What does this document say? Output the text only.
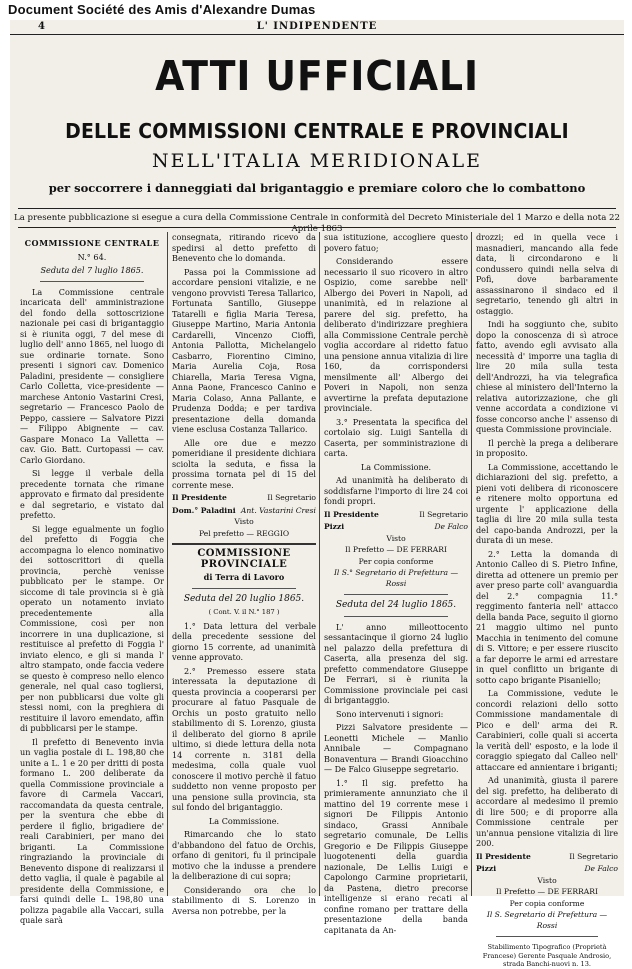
Document Société des Amis d'Alexandre Dumas
4	L' INDIPENDENTE
ATTI UFFICIALI
DELLE COMMISSIONI CENTRALE E PROVINCIALI
NELL'ITALIA MERIDIONALE
per soccorrere i danneggiati dal brigantaggio e premiare coloro che lo combattono
La presente pubblicazione si esegue a cura della Commissione Centrale in conformità del Decreto Ministeriale del 1 Marzo e della nota 22 Aprile 1863

COMMISSIONE CENTRALE

N.° 64.

Seduta del 7 luglio 1865.

La Commissione centrale incaricata dell' amministrazione del fondo della sottoscrizione nazionale pei casi di brigantaggio si è riunita oggi, 7 del mese di luglio dell' anno 1865, nel luogo di sue ordinarie tornate. Sono presenti i signori cav. Domenico Paladini, presidente — consigliere Carlo Colletta, vice-presidente — marchese Antonio Vastarini Cresi, segretario — Francesco Paolo de Peppo, cassiere — Salvatore Pizzi — Filippo Abignente — cav. Gaspare Monaco La Valletta — cav. Gio. Batt. Curtopassi — cav. Carlo Giordano.

Si legge il verbale della precedente tornata che rimane approvato e firmato dal presidente e dal segretario, e vistato dal prefetto.

Si legge egualmente un foglio del prefetto di Foggia che accompagna lo elenco nominativo dei sottoscrittori di quella provincia, perchè venisse pubblicato per le stampe. Or siccome di tale provincia si è già operato un notamento inviato precedentemente alla Commissione, così per non incorrere in una duplicazione, si restituisce al prefetto di Foggia l' inviato elenco, e gli si manda l' altro stampato, onde faccia vedere se questo è compreso nello elenco generale, nel qual caso togliersi, per non pubblicarsi due volte gli stessi nomi, con la preghiera di restituire il lavoro emendato, affin di pubblicarsi per le stampe.

Il prefetto di Benevento invia un vaglia postale di L. 198,80 che unite a L. 1 e 20 per dritti di posta formano L. 200 deliberate da quella Commissione provinciale a favore di Carmela Vaccari, raccomandata da questa centrale, per la sventura che ebbe di perdere il figlio, brigadiere de' reali Carabinieri, per mano dei briganti. La Commissione ringraziando la provinciale di Benevento dispone di realizzarsi il detto vaglia, il quale è pagabile al presidente della Commissione, e farsi quindi delle L. 198,80 una polizza pagabile alla Vaccari, sulla quale sarà

consegnata, ritirando ricevo da spedirsi al detto prefetto di Benevento che lo domanda.

Passa poi la Commissione ad accordare pensioni vitalizie, e ne vengono provvisti Teresa Tallarico, Fortunata Santillo, Giuseppe Tatarelli e figlia Maria Teresa, Giuseppe Martino, Maria Antonia Cardarelli, Vincenzo Cioffi, Antonia Pallotta, Michelangelo Casbarro, Fiorentino Cimino, Maria Aurelia Coja, Rosa Chiarella, Maria Teresa Vigna, Anna Paone, Francesco Canino e Maria Colaso, Anna Pallante, e Prudenza Dodda; e per tardiva presentazione della domanda viene esclusa Costanza Tallarico.

Alle ore due e mezzo pomeridiane il presidente dichiara sciolta la seduta, e fissa la prossima tornata pel di 15 del corrente mese.

Il Presidente	Il Segretario

Dom.° Paladini Ant. Vastarini Cresi

Visto

Pel prefetto — REGGIO

COMMISSIONE PROVINCIALE

di Terra di Lavoro

Seduta del 20 luglio 1865.

( Cont. V. il N.° 187 )

1.° Data lettura del verbale della precedente sessione del giorno 15 corrente, ad unanimità venne approvato.

2.° Premesso essere stata interessata la deputazione di questa provincia a cooperarsi per procurare al fatuo Pasquale de Orchis un posto gratuito nello stabilimento di S. Lorenzo, giusta il deliberato del giorno 8 aprile ultimo, si diede lettura della nota 14 corrente n. 3181 della medesima, colla quale vuol conoscere il motivo perchè il fatuo suddetto non venne proposto per una pensione sulla provincia, sta sul fondo del brigantaggio.

La Commissione.

Rimarcando che lo stato d'abbandono del fatuo de Orchis, orfano di genitori, fu il principale motivo che la indusse a prendere la deliberazione di cui sopra;

Considerando ora che lo stabilimento di S. Lorenzo in Aversa non potrebbe, per la

sua istituzione, accogliere questo povero fatuo;

Considerando essere necessario il suo ricovero in altro Ospizio, come sarebbe nell' Albergo dei Poveri in Napoli, ad unanimità, ed in relazione al parere del sig. prefetto, ha deliberato d'indirizzare preghiera alla Commissione Centrale perchè voglia accordare al ridetto fatuo una pensione annua vitalizia di lire 160, da corrispondersi mensilmente all' Albergo dei Poveri in Napoli, non senza avvertirne la prefata deputazione provinciale.

3.° Presentata la specifica del cortolaio sig. Luigi Santella di Caserta, per somministrazione di carta.

La Commissione.

Ad unanimità ha deliberato di soddisfarne l'importo di lire 24 coi fondi propri.

Il Presidente	Il Segretario

Pizzi	De Falco

Visto

Il Prefetto — DE FERRARI

Per copia conforme

Il S.° Segretario di Prefettura — Rossi

Seduta del 24 luglio 1865.

L' anno milleottocento sessantacinque il giorno 24 luglio nel palazzo della prefettura di Caserta, alla presenza del sig. prefetto commendatore Giuseppe De Ferrari, si è riunita la Commissione provinciale pei casi di brigantaggio.

Sono intervenuti i signori:

Pizzi Salvatore presidente — Leonetti Michele — Manlio Annibale — Compagnano Bonaventura — Brandi Gioacchino — De Falco Giuseppe segretario.

1.° Il sig. prefetto ha primieramente annunziato che il mattino del 19 corrente mese i signori De Filippis Antonio sindaco, Grassi Annibale segretario comunale, De Lellis Gregorio e De Filippis Giuseppe luogotenenti della guardia nazionale, De Lellis Luigi e Capolongo Carmine proprietarii, da Pastena, dietro precorse intelligenze si erano recati al confine romano per trattare della presentazione della banda capitanata da An-

drozzi; ed in quella vece i masnadieri, mancando alla fede data, li circondarono e li condussero quindi nella selva di Pofi, dove barbaramente assassinarono il sindaco ed il segretario, tenendo gli altri in ostaggio.

Indi ha soggiunto che, subito dopo la conoscenza di sì atroce fatto, avendo egli avvisato alla necessità d' imporre una taglia di lire 20 mila sulla testa dell'Androzzi, ha via telegrafica chiese al ministero dell'Interno la relativa autorizzazione, che gli venne accordata a condizione vi fosse concorso anche l' assenso di questa Commissione provinciale.

Il perchè la prega a deliberare in proposito.

La Commissione, accettando le dichiarazioni del sig. prefetto, a pieni voti delibera di riconoscere e ritenere molto opportuna ed urgente l' applicazione della taglia di lire 20 mila sulla testa del capo-banda Androzzi, per la durata di un mese.

2.° Letta la domanda di Antonio Calleo di S. Pietro Infine, diretta ad ottenere un premio per aver preso parte coll' avanguardia del 2.° compagnia 11.° reggimento fanteria nell' attacco della banda Pace, seguito il giorno 21 maggio ultimo nel punto Macchia in tenimento del comune di S. Vittore; e per essere riuscito a far deporre le armi ed arrestare in quel conflitto un brigante di sotto capo brigante Pisaniello;

La Commissione, vedute le concordi relazioni dello sotto Commissione mandamentale di Pico e dell' arma dei R. Carabinieri, colle quali si accerta la verità dell' esposto, e la lode il coraggio spiegato dal Calleo nell' attaccare ed annientare i briganti;

Ad unanimità, giusta il parere del sig. prefetto, ha deliberato di accordare al medesimo il premio di lire 500; e di proporre alla Commissione centrale per un'annua pensione vitalizia di lire 200.

Il Presidente	Il Segretario

Pizzi	De Falco

Visto

Il Prefetto — DE FERRARI

Per copia conforme

Il S. Segretario di Prefettura — Rossi

Stabilimento Tipografico (Proprietà Francese) Gerente Pasquale Androsio, strada Banchi-nuovi n. 13.
